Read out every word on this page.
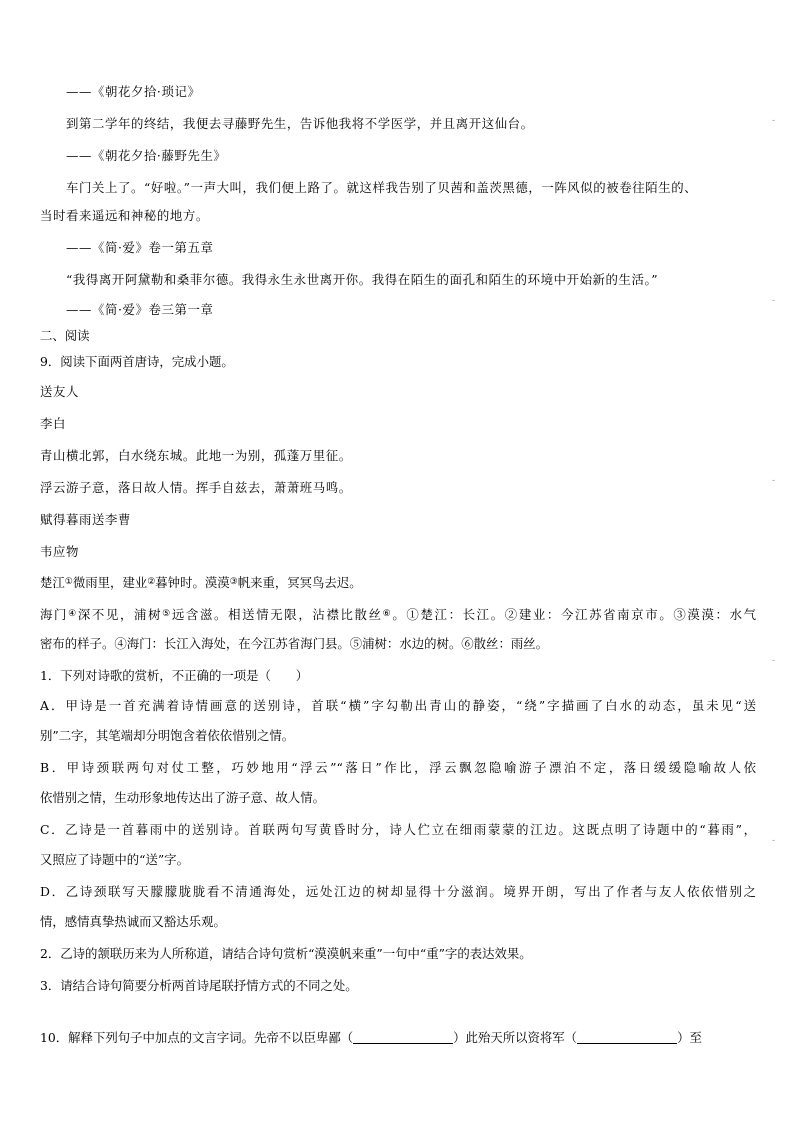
——《朝花夕拾·琐记》
到第二学年的终结，我便去寻藤野先生，告诉他我将不学医学，并且离开这仙台。
——《朝花夕拾·藤野先生》
车门关上了。“好啦。”一声大叫，我们便上路了。就这样我告别了贝茜和盖茨黑德，一阵风似的被卷往陌生的、
当时看来遥远和神秘的地方。
——《简·爱》卷一第五章
“我得离开阿黛勒和桑菲尔德。我得永生永世离开你。我得在陌生的面孔和陌生的环境中开始新的生活。”
——《简·爱》卷三第一章
二、阅读
9．阅读下面两首唐诗，完成小题。
送友人
李白
青山横北郭，白水绕东城。此地一为别，孤蓬万里征。
浮云游子意，落日故人情。挥手自兹去，萧萧班马鸣。
赋得暮雨送李曹
韦应物
楚江①微雨里，建业②暮钟时。漠漠③帆来重，冥冥鸟去迟。
海门④深不见，浦树⑤远含滋。相送情无限，沾襟比散丝⑥。①楚江：长江。②建业：今江苏省南京市。③漠漠：水气
密布的样子。④海门：长江入海处，在今江苏省海门县。⑤浦树：水边的树。⑥散丝：雨丝。
1．下列对诗歌的赏析，不正确的一项是（　　）
A．甲诗是一首充满着诗情画意的送别诗，首联“横”字勾勒出青山的静姿，“绕”字描画了白水的动态，虽未见“送
别”二字，其笔端却分明饱含着依依惜别之情。
B．甲诗颈联两句对仗工整，巧妙地用“浮云”“落日”作比，浮云飘忽隐喻游子漂泊不定，落日缓缓隐喻故人依
依惜别之情，生动形象地传达出了游子意、故人情。
C．乙诗是一首暮雨中的送别诗。首联两句写黄昏时分，诗人伫立在细雨蒙蒙的江边。这既点明了诗题中的“暮雨”，
又照应了诗题中的“送”字。
D．乙诗颈联写天朦朦胧胧看不清通海处，远处江边的树却显得十分滋润。境界开朗，写出了作者与友人依依惜别之
情，感情真挚热诚而又豁达乐观。
2．乙诗的颔联历来为人所称道，请结合诗句赏析“漠漠帆来重”一句中“重”字的表达效果。
3．请结合诗句简要分析两首诗尾联抒情方式的不同之处。
10．解释下列句子中加点的文言字词。先帝不以臣卑鄙（	）此殆天所以资将军（	）至
-
-
-
-
-
